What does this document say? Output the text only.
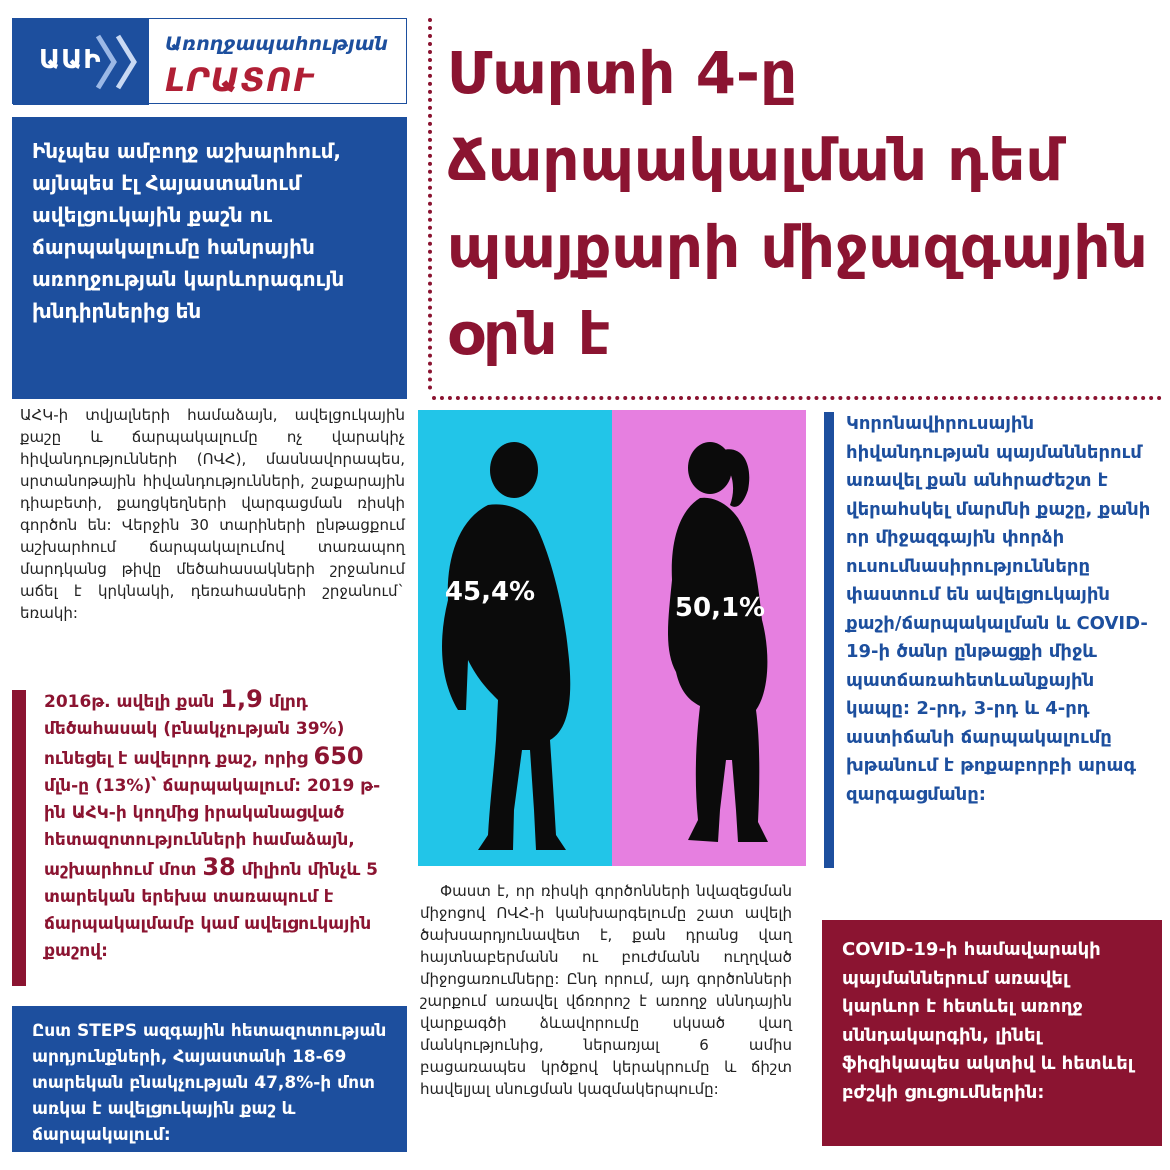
ԱԱԻ
Առողջապահության
ԼՐԱՏՈՒ Մարտի 4-ը Ճարպակալման դեմ պայքարի միջազգային օրն է
Ինչպես ամբողջ աշխարհում, այնպես էլ Հայաստանում ավելցուկային քաշն ու ճարպակալումը հանրային առողջության կարևորագույն խնդիրներից են
ԱՀԿ-ի տվյալների համաձայն, ավելցուկային քաշը և ճարպակալումը ոչ վարակիչ հիվանդությունների (ՈՎՀ), մասնավորապես, սրտանոթային հիվանդությունների, շաքարային դիաբետի, քաղցկեղների վարգացման ռիսկի գործոն են: Վերջին 30 տարիների ընթացքում աշխարհում ճարպակալումով տառապող մարդկանց թիվը մեծահասակների շրջանում աճել է կրկնակի, դեռահասների շրջանում` եռակի:
2016թ. ավելի քան 1,9 մլրդ մեծահասակ (բնակչության 39%) ունեցել է ավելորդ քաշ, որից 650 մլն-ը (13%)՝ ճարպակալում: 2019 թ-ին ԱՀԿ-ի կողմից իրականացված հետազոտությունների համաձայն, աշխարհում մոտ 38 միլիոն մինչև 5 տարեկան երեխա տառապում է ճարպակալմամբ կամ ավելցուկային քաշով:
Ըստ STEPS ազգային հետազոտության արդյունքների, Հայաստանի 18-69 տարեկան բնակչության 47,8%-ի մոտ առկա է ավելցուկային քաշ և ճարպակալում:
45,4%
50,1%
Փաստ է, որ ռիսկի գործոնների նվազեցման միջոցով ՈՎՀ-ի կանխարգելումը շատ ավելի ծախսարդյունավետ է, քան դրանց վաղ հայտնաբերմանն ու բուժմանն ուղղված միջոցառումները: Ընդ որում, այդ գործոնների շարքում առավել վճռորոշ է առողջ սննդային վարքագծի ձևավորումը սկսած վաղ մանկությունից, ներառյալ 6 ամիս բացառապես կրծքով կերակրումը և ճիշտ հավելյալ սնուցման կազմակերպումը:
Կորոնավիրուսային հիվանդության պայմաններում առավել քան անհրաժեշտ է վերահսկել մարմնի քաշը, քանի որ միջազգային փորձի ուսումնասիրությունները փաստում են ավելցուկային քաշի/ճարպակալման և COVID-19-ի ծանր ընթացքի միջև պատճառահետևանքային կապը: 2-րդ, 3-րդ և 4-րդ աստիճանի ճարպակալումը խթանում է թոքաբորբի արագ զարգացմանը:
COVID-19-ի համավարակի պայմաններում առավել կարևոր է հետևել առողջ սննդակարգին, լինել ֆիզիկապես ակտիվ և հետևել բժշկի ցուցումներին:
